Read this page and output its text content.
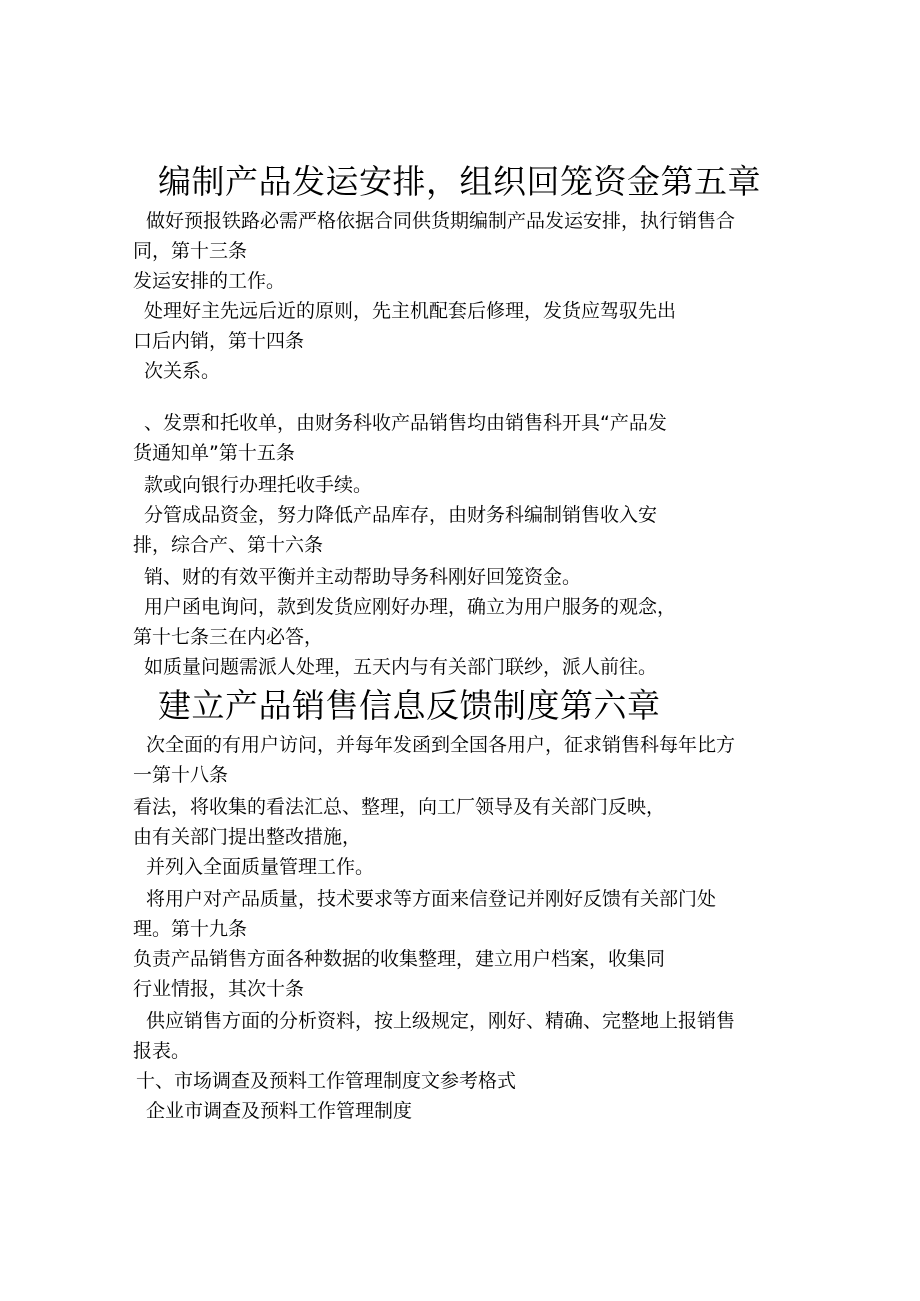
编制产品发运安排，组织回笼资金第五章
做好预报铁路必需严格依据合同供货期编制产品发运安排，执行销售合
同，第十三条
发运安排的工作。
处理好主先远后近的原则，先主机配套后修理，发货应驾驭先出
口后内销，第十四条
次关系。
、发票和托收单，由财务科收产品销售均由销售科开具“产品发
货通知单”第十五条
款或向银行办理托收手续。
分管成品资金，努力降低产品库存，由财务科编制销售收入安
排，综合产、第十六条
销、财的有效平衡并主动帮助导务科刚好回笼资金。
用户函电询问，款到发货应刚好办理，确立为用户服务的观念，
第十七条三在内必答，
如质量问题需派人处理，五天内与有关部门联纱，派人前往。
建立产品销售信息反馈制度第六章
次全面的有用户访问，并每年发函到全国各用户，征求销售科每年比方
一第十八条
看法，将收集的看法汇总、整理，向工厂领导及有关部门反映，
由有关部门提出整改措施，
并列入全面质量管理工作。
将用户对产品质量，技术要求等方面来信登记并刚好反馈有关部门处
理。第十九条
负责产品销售方面各种数据的收集整理，建立用户档案，收集同
行业情报，其次十条
供应销售方面的分析资料，按上级规定，刚好、精确、完整地上报销售
报表。
十、市场调查及预料工作管理制度文参考格式
企业市调查及预料工作管理制度
